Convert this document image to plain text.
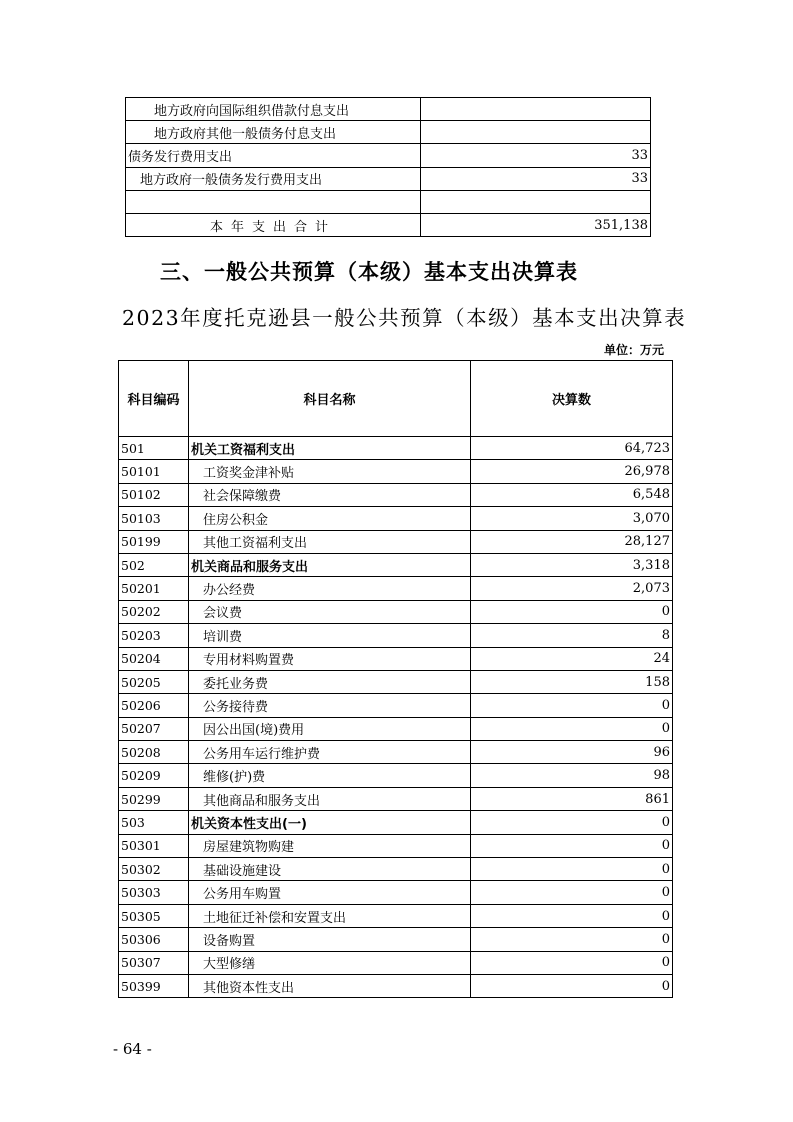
地方政府向国际组织借款付息支出	
地方政府其他一般债务付息支出	
债务发行费用支出	33
地方政府一般债务发行费用支出	33

本年支出合计	351,138
三、一般公共预算（本级）基本支出决算表
2023年度托克逊县一般公共预算（本级）基本支出决算表
单位：万元
科目编码	科目名称	决算数
501	机关工资福利支出	64,723
50101	工资奖金津补贴	26,978
50102	社会保障缴费	6,548
50103	住房公积金	3,070
50199	其他工资福利支出	28,127
502	机关商品和服务支出	3,318
50201	办公经费	2,073
50202	会议费	0
50203	培训费	8
50204	专用材料购置费	24
50205	委托业务费	158
50206	公务接待费	0
50207	因公出国(境)费用	0
50208	公务用车运行维护费	96
50209	维修(护)费	98
50299	其他商品和服务支出	861
503	机关资本性支出(一)	0
50301	房屋建筑物购建	0
50302	基础设施建设	0
50303	公务用车购置	0
50305	土地征迁补偿和安置支出	0
50306	设备购置	0
50307	大型修缮	0
50399	其他资本性支出	0
- 64 -
